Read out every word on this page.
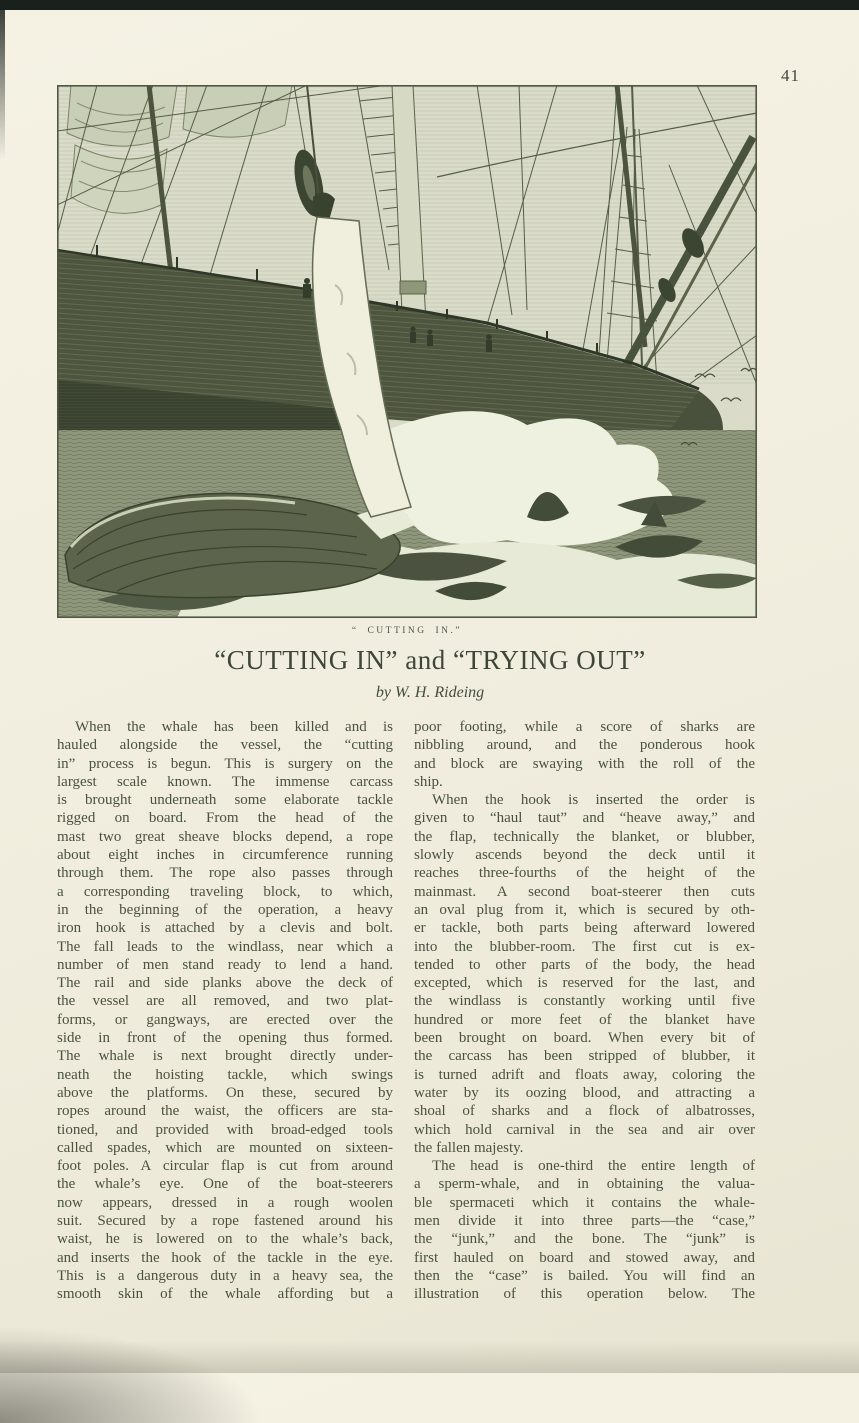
41
“ CUTTING IN.”
“CUTTING IN” and “TRYING OUT”
by W. H. Rideing
When the whale has been killed and is
hauled alongside the vessel, the “cutting
in” process is begun. This is surgery on the
largest scale known. The immense carcass
is brought underneath some elaborate tackle
rigged on board. From the head of the
mast two great sheave blocks depend, a rope
about eight inches in circumference running
through them. The rope also passes through
a corresponding traveling block, to which,
in the beginning of the operation, a heavy
iron hook is attached by a clevis and bolt.
The fall leads to the windlass, near which a
number of men stand ready to lend a hand.
The rail and side planks above the deck of
the vessel are all removed, and two plat-
forms, or gangways, are erected over the
side in front of the opening thus formed.
The whale is next brought directly under-
neath the hoisting tackle, which swings
above the platforms. On these, secured by
ropes around the waist, the officers are sta-
tioned, and provided with broad-edged tools
called spades, which are mounted on sixteen-
foot poles. A circular flap is cut from around
the whale’s eye. One of the boat-steerers
now appears, dressed in a rough woolen
suit. Secured by a rope fastened around his
waist, he is lowered on to the whale’s back,
and inserts the hook of the tackle in the eye.
This is a dangerous duty in a heavy sea, the
smooth skin of the whale affording but a
poor footing, while a score of sharks are
nibbling around, and the ponderous hook
and block are swaying with the roll of the
ship.
When the hook is inserted the order is
given to “haul taut” and “heave away,” and
the flap, technically the blanket, or blubber,
slowly ascends beyond the deck until it
reaches three-fourths of the height of the
mainmast. A second boat-steerer then cuts
an oval plug from it, which is secured by oth-
er tackle, both parts being afterward lowered
into the blubber-room. The first cut is ex-
tended to other parts of the body, the head
excepted, which is reserved for the last, and
the windlass is constantly working until five
hundred or more feet of the blanket have
been brought on board. When every bit of
the carcass has been stripped of blubber, it
is turned adrift and floats away, coloring the
water by its oozing blood, and attracting a
shoal of sharks and a flock of albatrosses,
which hold carnival in the sea and air over
the fallen majesty.
The head is one-third the entire length of
a sperm-whale, and in obtaining the valua-
ble spermaceti which it contains the whale-
men divide it into three parts—the “case,”
the “junk,” and the bone. The “junk” is
first hauled on board and stowed away, and
then the “case” is bailed. You will find an
illustration of this operation below. The
